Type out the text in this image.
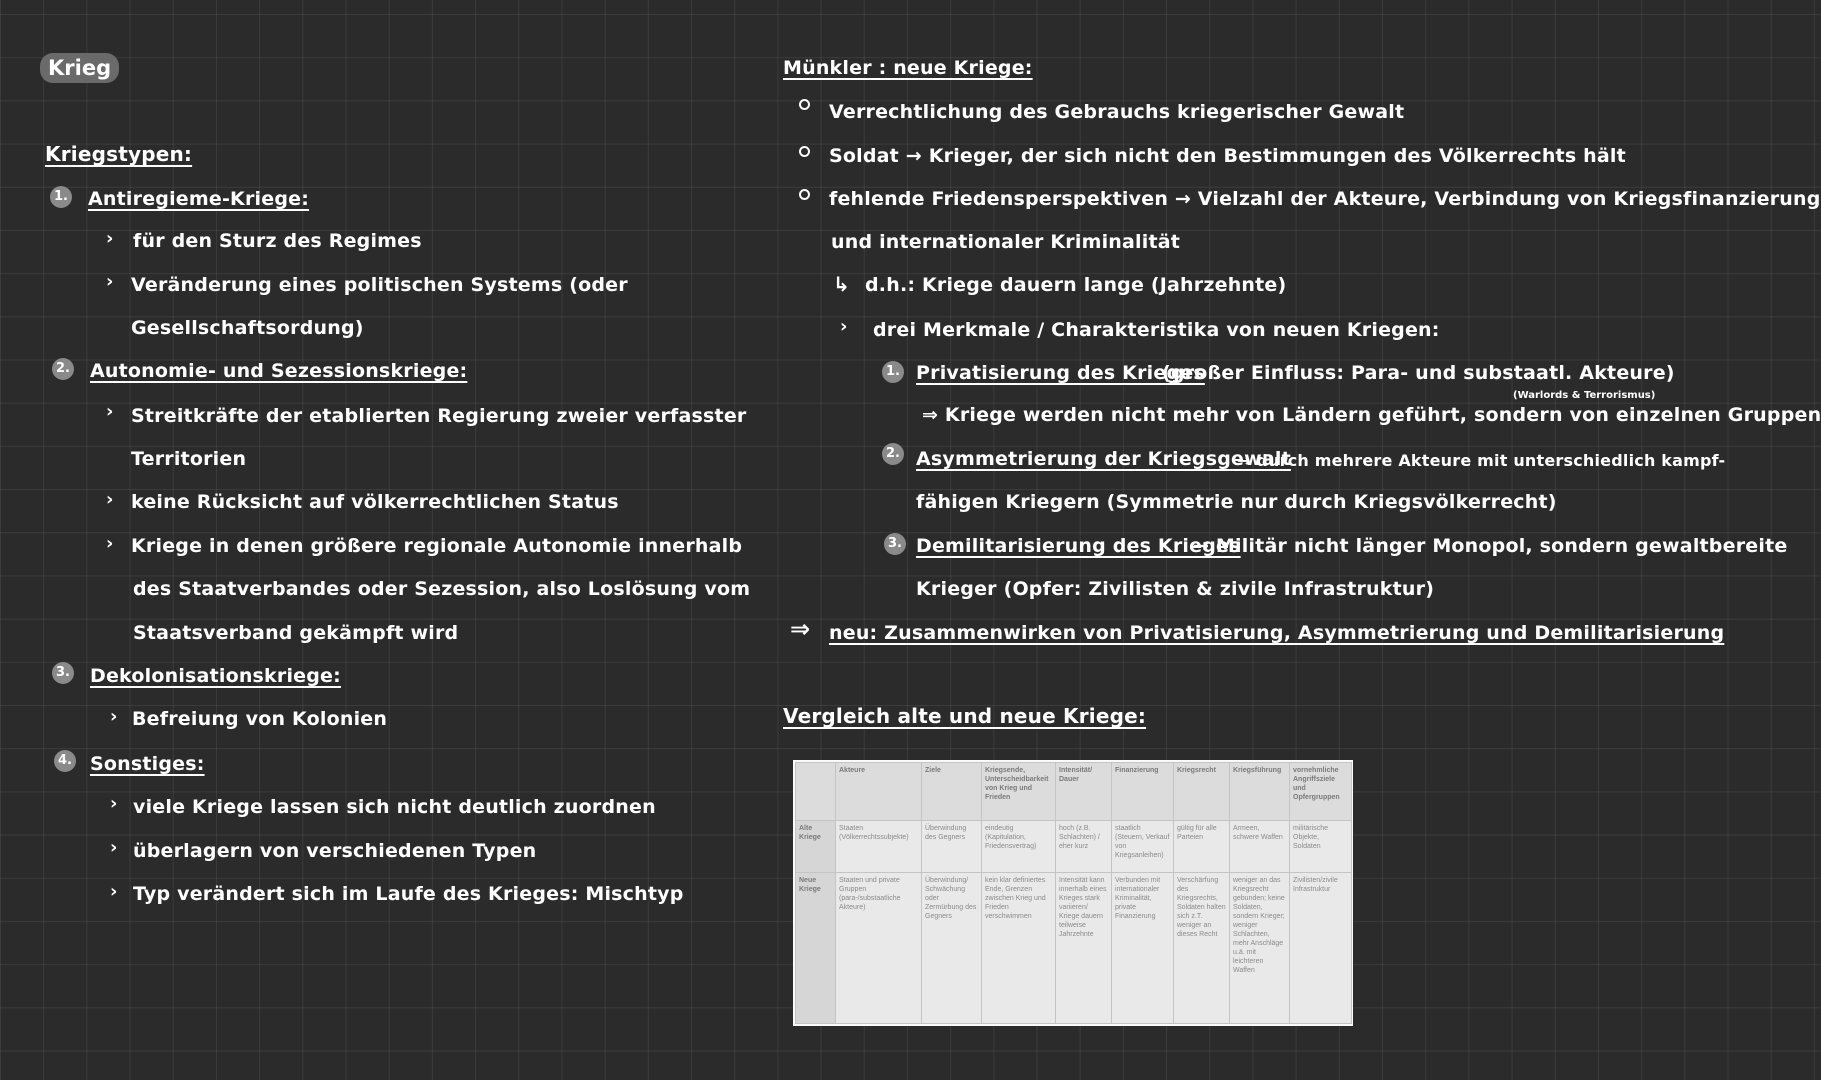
Krieg
Kriegstypen:
1. Antiregieme-Kriege:
› für den Sturz des Regimes
› Veränderung eines politischen Systems (oder
Gesellschaftsordung)
2. Autonomie- und Sezessionskriege:
› Streitkräfte der etablierten Regierung zweier verfasster
Territorien
› keine Rücksicht auf völkerrechtlichen Status
› Kriege in denen größere regionale Autonomie innerhalb
des Staatverbandes oder Sezession, also Loslösung vom
Staatsverband gekämpft wird
3. Dekolonisationskriege:
› Befreiung von Kolonien
4. Sonstiges:
› viele Kriege lassen sich nicht deutlich zuordnen
› überlagern von verschiedenen Typen
› Typ verändert sich im Laufe des Krieges: Mischtyp
Münkler : neue Kriege:
Verrechtlichung des Gebrauchs kriegerischer Gewalt
Soldat → Krieger, der sich nicht den Bestimmungen des Völkerrechts hält
fehlende Friedensperspektiven → Vielzahl der Akteure, Verbindung von Kriegsfinanzierung
und internationaler Kriminalität
↳ d.h.: Kriege dauern lange (Jahrzehnte)
› drei Merkmale / Charakteristika von neuen Kriegen:
1. Privatisierung des Krieges
(großer Einfluss: Para- und substaatl. Akteure)
(Warlords & Terrorismus)
⇒ Kriege werden nicht mehr von Ländern geführt, sondern von einzelnen Gruppen
2. Asymmetrierung der Kriegsgewalt
→ durch mehrere Akteure mit unterschiedlich kampf-
fähigen Kriegern (Symmetrie nur durch Kriegsvölkerrecht)
3. Demilitarisierung des Krieges
→ Militär nicht länger Monopol, sondern gewaltbereite
Krieger (Opfer: Zivilisten & zivile Infrastruktur)
⇒ neu: Zusammenwirken von Privatisierung, Asymmetrierung und Demilitarisierung
Vergleich alte und neue Kriege:
	Akteure	Ziele	Kriegsende, Unterscheidbarkeit von Krieg und Frieden	Intensität/ Dauer	Finanzierung	Kriegsrecht	Kriegsführung	vornehmliche Angriffsziele und Opfergruppen
Alte Kriege	Staaten (Völkerrechtssubjekte)	Überwindung des Gegners	eindeutig (Kapitulation, Friedensvertrag)	hoch (z.B. Schlachten) / eher kurz	staatlich (Steuern, Verkauf von Kriegsanleihen)	gültig für alle Parteien	Armeen, schwere Waffen	militärische Objekte, Soldaten
Neue Kriege	Staaten und private Gruppen (para-/substaatliche Akteure)	Überwindung/ Schwächung oder Zermürbung des Gegners	kein klar definiertes Ende, Grenzen zwischen Krieg und Frieden verschwimmen	Intensität kann innerhalb eines Krieges stark variieren/ Kriege dauern teilweise Jahrzehnte	Verbunden mit internationaler Kriminalität, private Finanzierung	Verschärfung des Kriegsrechts, Soldaten halten sich z.T. weniger an dieses Recht	weniger an das Kriegsrecht gebunden; keine Soldaten, sondern Krieger; weniger Schlachten, mehr Anschläge u.ä. mit leichteren Waffen	Zivilisten/zivile Infrastruktur
